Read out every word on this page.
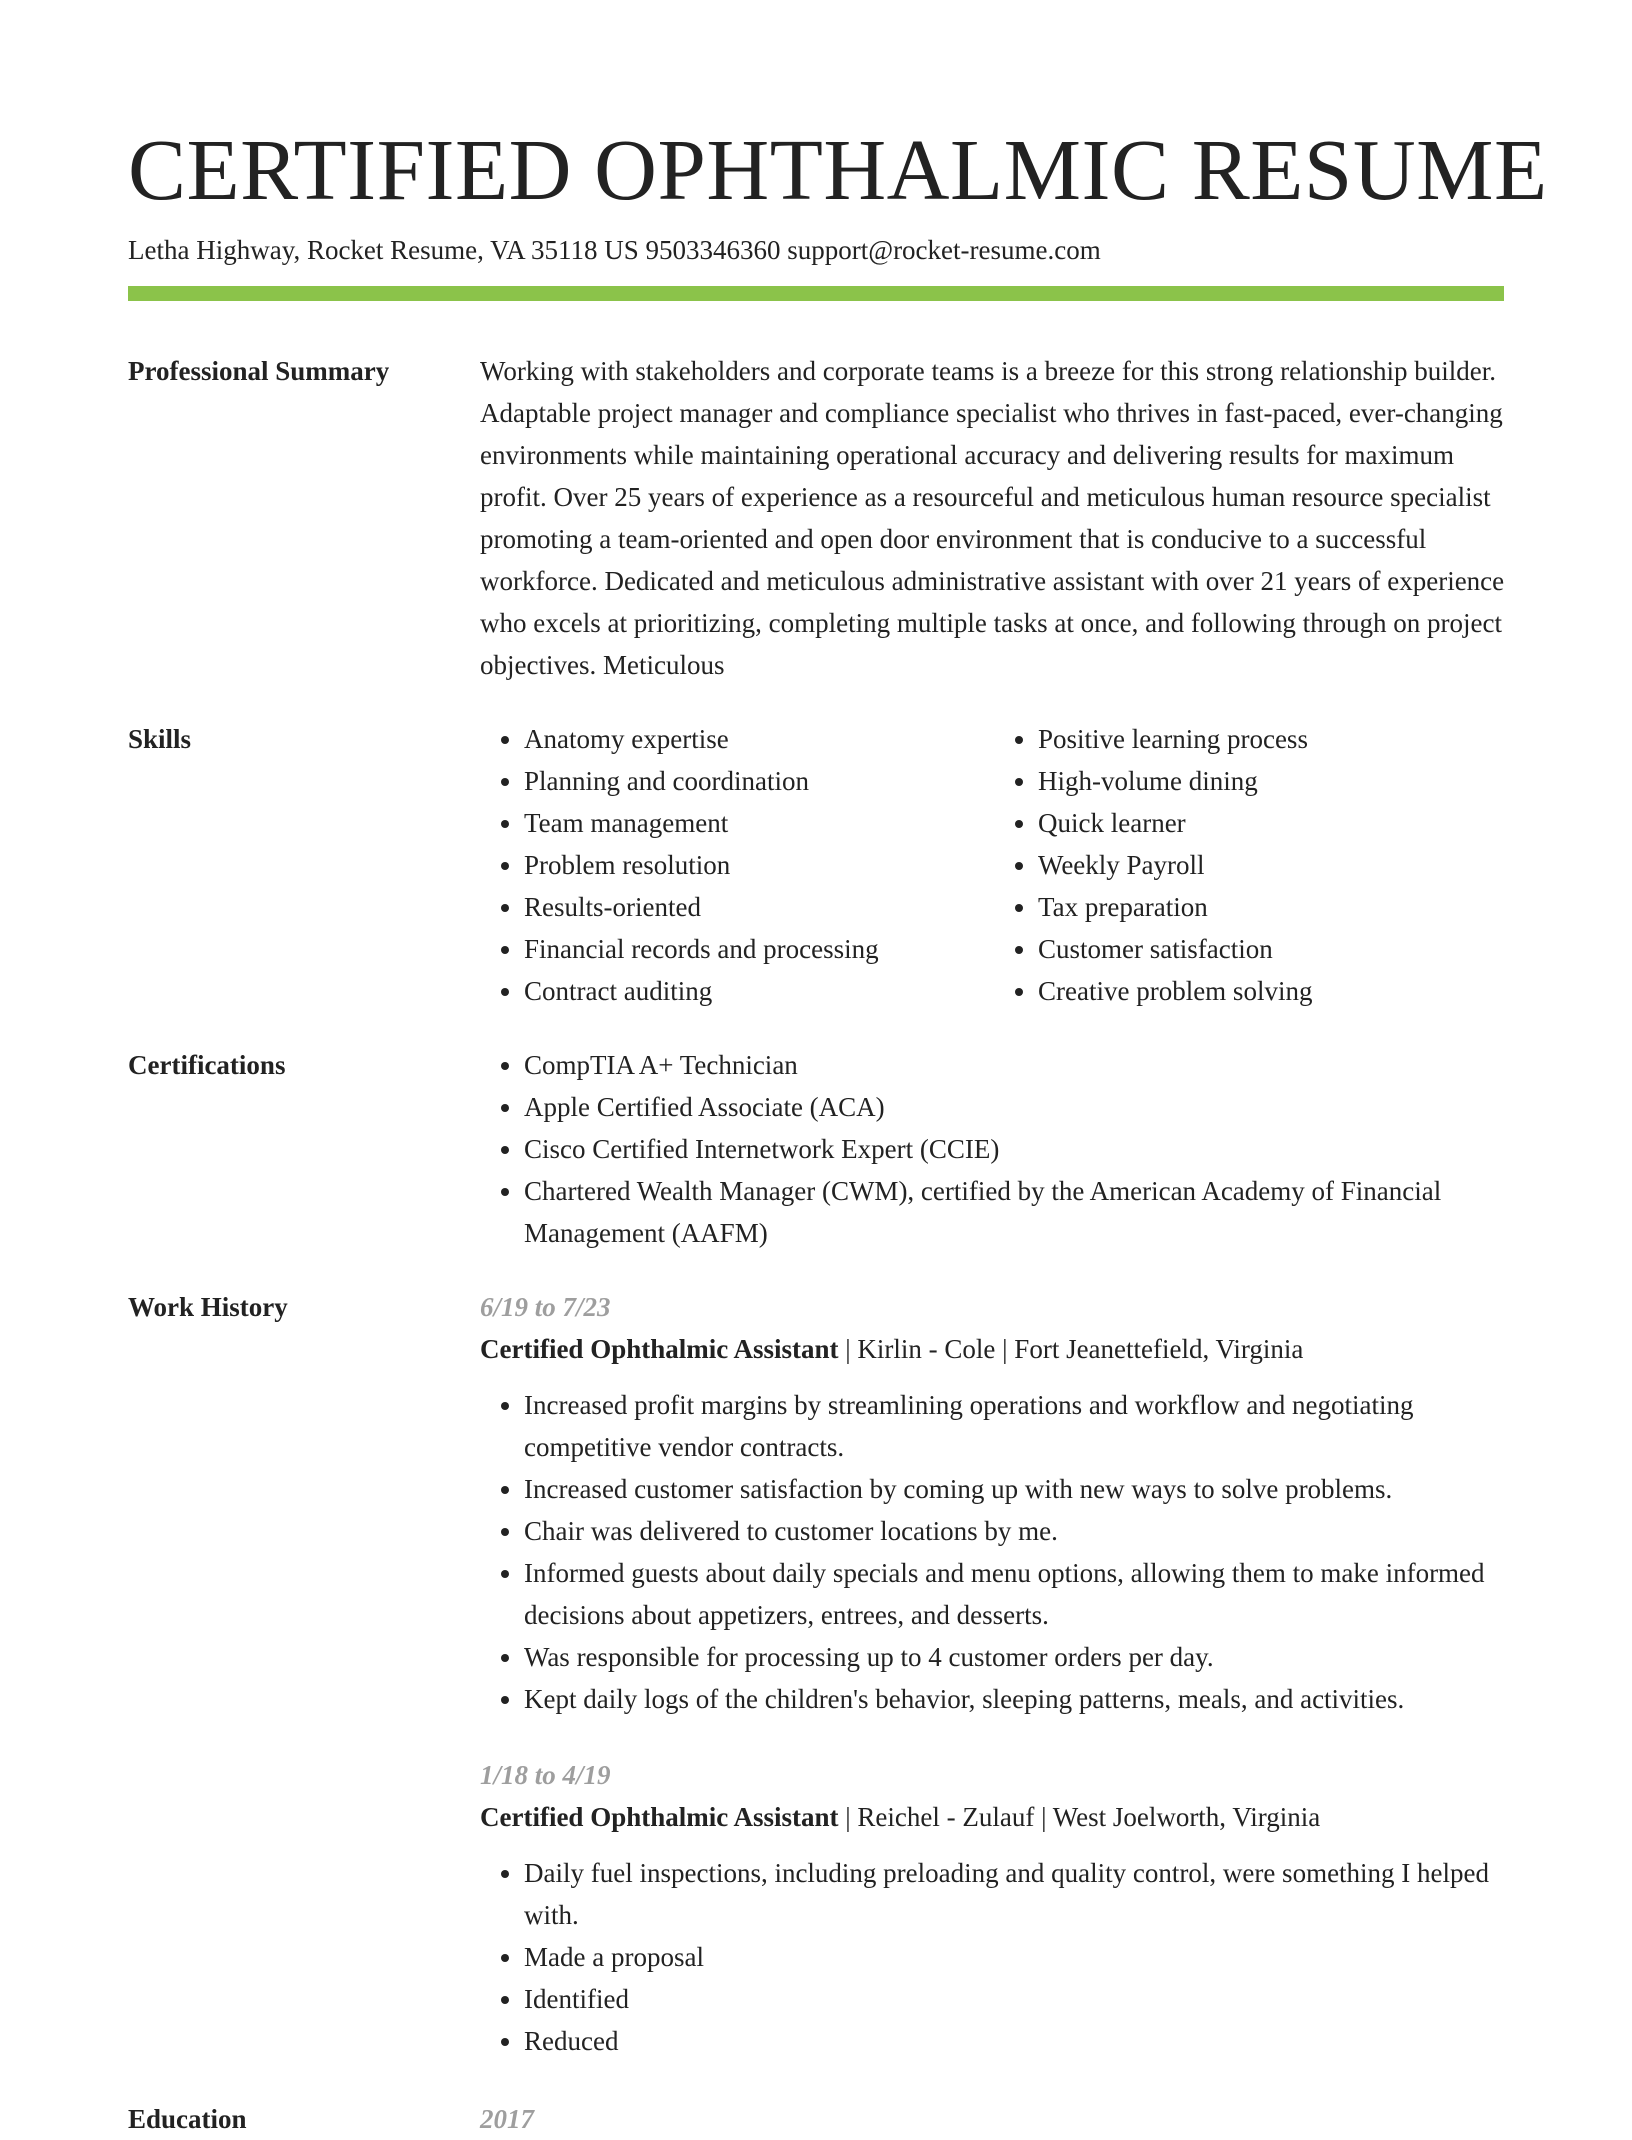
CERTIFIED OPHTHALMIC RESUME
Letha Highway, Rocket Resume, VA 35118 US 9503346360 support@rocket-resume.com
Professional Summary	Working with stakeholders and corporate teams is a breeze for this strong relationship builder. Adaptable project manager and compliance specialist who thrives in fast-paced, ever-changing environments while maintaining operational accuracy and delivering results for maximum profit. Over 25 years of experience as a resourceful and meticulous human resource specialist promoting a team-oriented and open door environment that is conducive to a successful workforce. Dedicated and meticulous administrative assistant with over 21 years of experience who excels at prioritizing, completing multiple tasks at once, and following through on project objectives. Meticulous

Skills	• Anatomy expertise
• Planning and coordination
• Team management
• Problem resolution
• Results-oriented
• Financial records and processing
• Contract auditing
• Positive learning process
• High-volume dining
• Quick learner
• Weekly Payroll
• Tax preparation
• Customer satisfaction
• Creative problem solving
Certifications	• CompTIA A+ Technician
• Apple Certified Associate (ACA)
• Cisco Certified Internetwork Expert (CCIE)
• Chartered Wealth Manager (CWM), certified by the American Academy of Financial Management (AAFM)
Work History	6/19 to 7/23
Certified Ophthalmic Assistant | Kirlin - Cole | Fort Jeanettefield, Virginia
• Increased profit margins by streamlining operations and workflow and negotiating competitive vendor contracts.
• Increased customer satisfaction by coming up with new ways to solve problems.
• Chair was delivered to customer locations by me.
• Informed guests about daily specials and menu options, allowing them to make informed decisions about appetizers, entrees, and desserts.
• Was responsible for processing up to 4 customer orders per day.
• Kept daily logs of the children's behavior, sleeping patterns, meals, and activities.
1/18 to 4/19
Certified Ophthalmic Assistant | Reichel - Zulauf | West Joelworth, Virginia
• Daily fuel inspections, including preloading and quality control, were something I helped with.
• Made a proposal
• Identified
• Reduced
Education	2017
